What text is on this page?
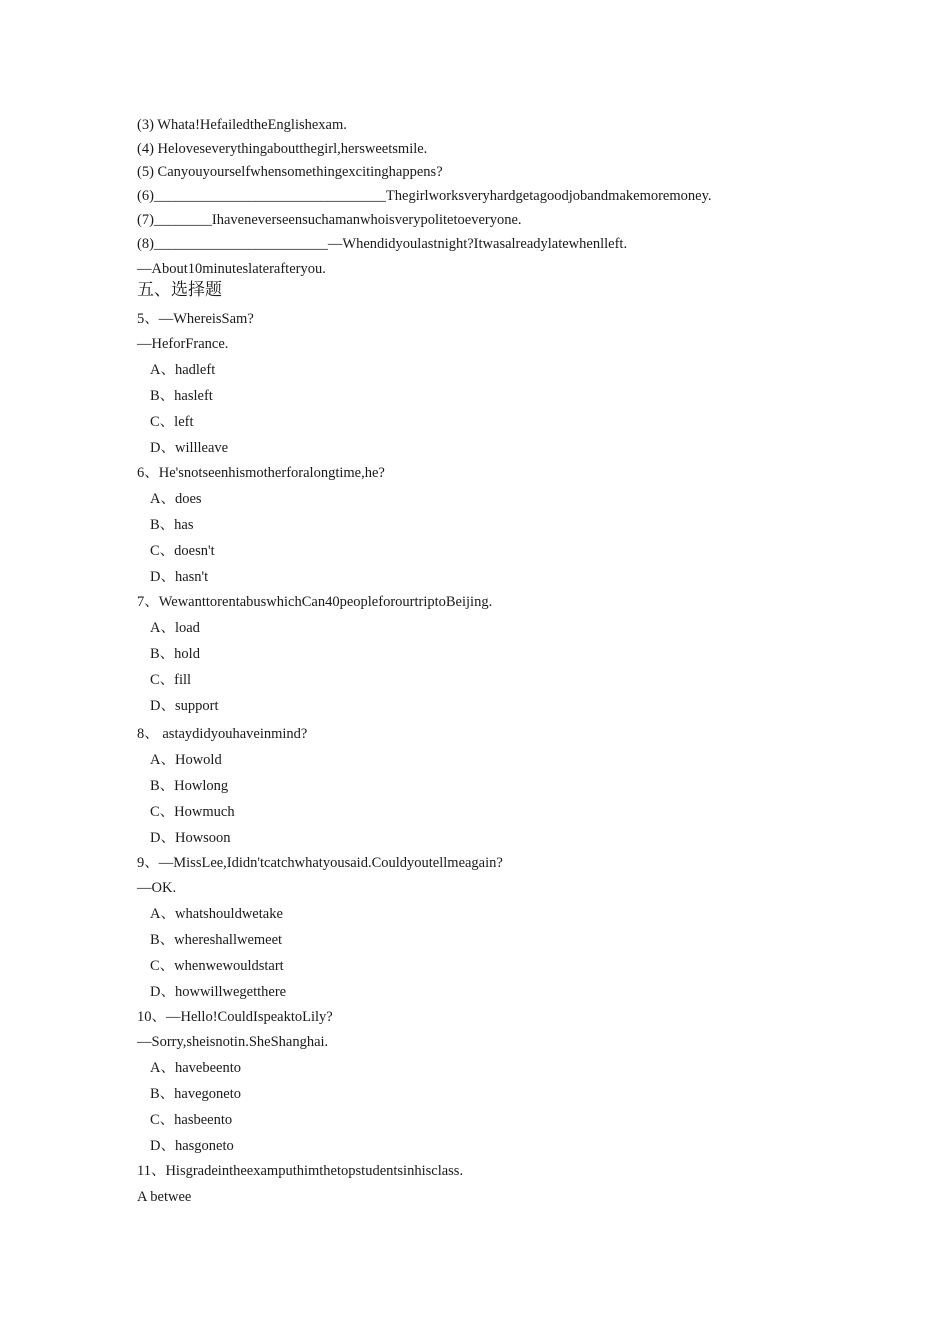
(3) Whata!HefailedtheEnglishexam.
(4) Heloveseverythingaboutthegirl,hersweetsmile.
(5) Canyouyourselfwhensomethingexcitinghappens?
(6)________________________________Thegirlworksveryhardgetagoodjobandmakemoremoney.
(7)________Ihaveneverseensuchamanwhoisverypolitetoeveryone.
(8)________________________—Whendidyoulastnight?Itwasalreadylatewhenlleft.
—About10minuteslaterafteryou.
五、选择题
5、—WhereisSam?
—HeforFrance.
A、hadleft
B、hasleft
C、left
D、willleave
6、He'snotseenhismotherforalongtime,he?
A、does
B、has
C、doesn't
D、hasn't
7、WewanttorentabuswhichCan40peopleforourtriptoBeijing.
A、load
B、hold
C、fill
D、support
8、 astaydidyouhaveinmind?
A、Howold
B、Howlong
C、Howmuch
D、Howsoon
9、—MissLee,Ididn'tcatchwhatyousaid.Couldyoutellmeagain?
—OK.
A、whatshouldwetake
B、whereshallwemeet
C、whenwewouldstart
D、howwillwegetthere
10、—Hello!CouldIspeaktoLily?
—Sorry,sheisnotin.SheShanghai.
A、havebeento
B、havegoneto
C、hasbeento
D、hasgoneto
11、Hisgradeintheexamputhimthetopstudentsinhisclass.
A betwee
